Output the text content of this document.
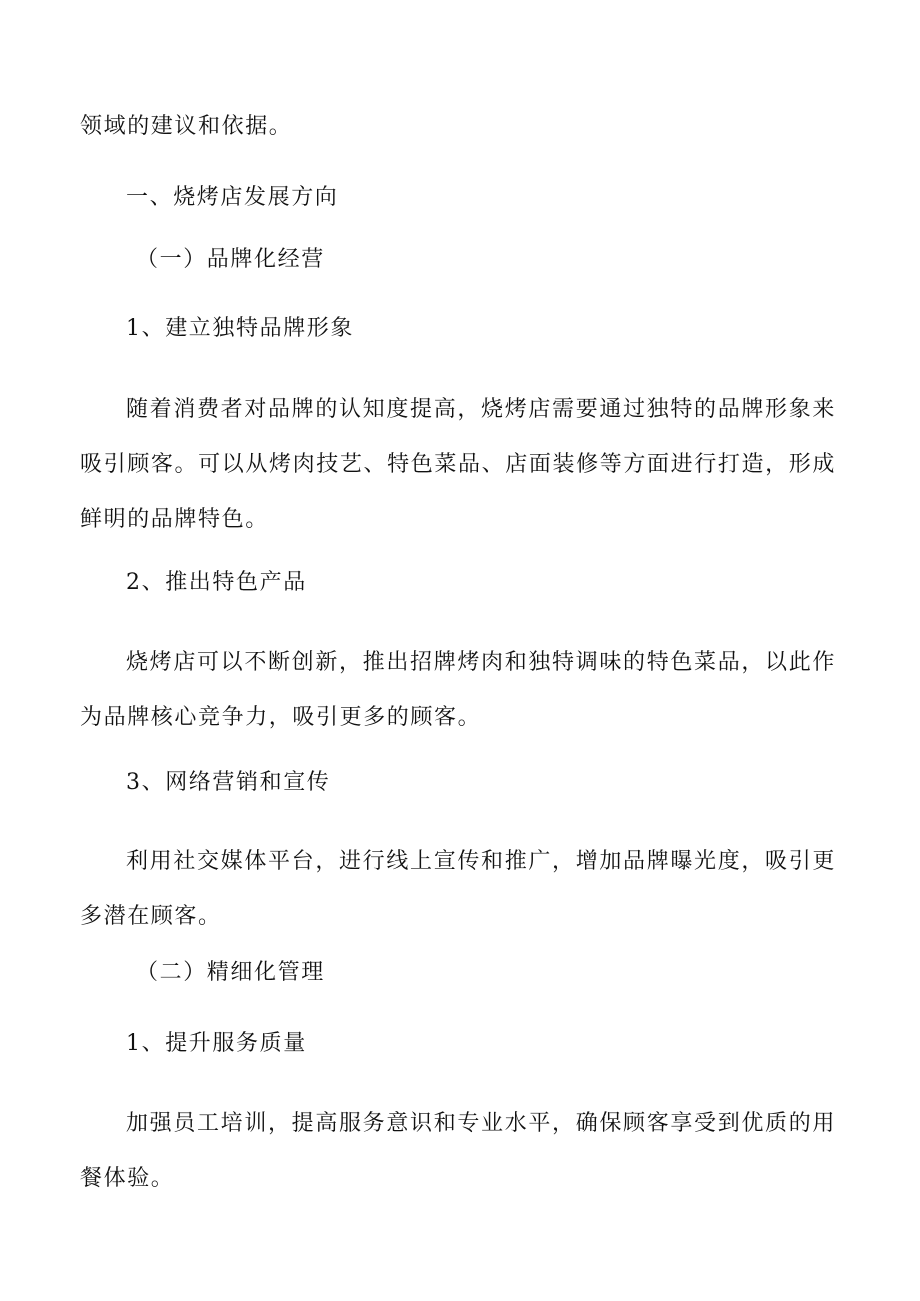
领域的建议和依据。
一、烧烤店发展方向
（一）品牌化经营
1、建立独特品牌形象

随着消费者对品牌的认知度提高，烧烤店需要通过独特的品牌形象来吸引顾客。可以从烤肉技艺、特色菜品、店面装修等方面进行打造，形成鲜明的品牌特色。

2、推出特色产品

烧烤店可以不断创新，推出招牌烤肉和独特调味的特色菜品，以此作为品牌核心竞争力，吸引更多的顾客。

3、网络营销和宣传

利用社交媒体平台，进行线上宣传和推广，增加品牌曝光度，吸引更多潜在顾客。

（二）精细化管理
1、提升服务质量

加强员工培训，提高服务意识和专业水平，确保顾客享受到优质的用餐体验。
